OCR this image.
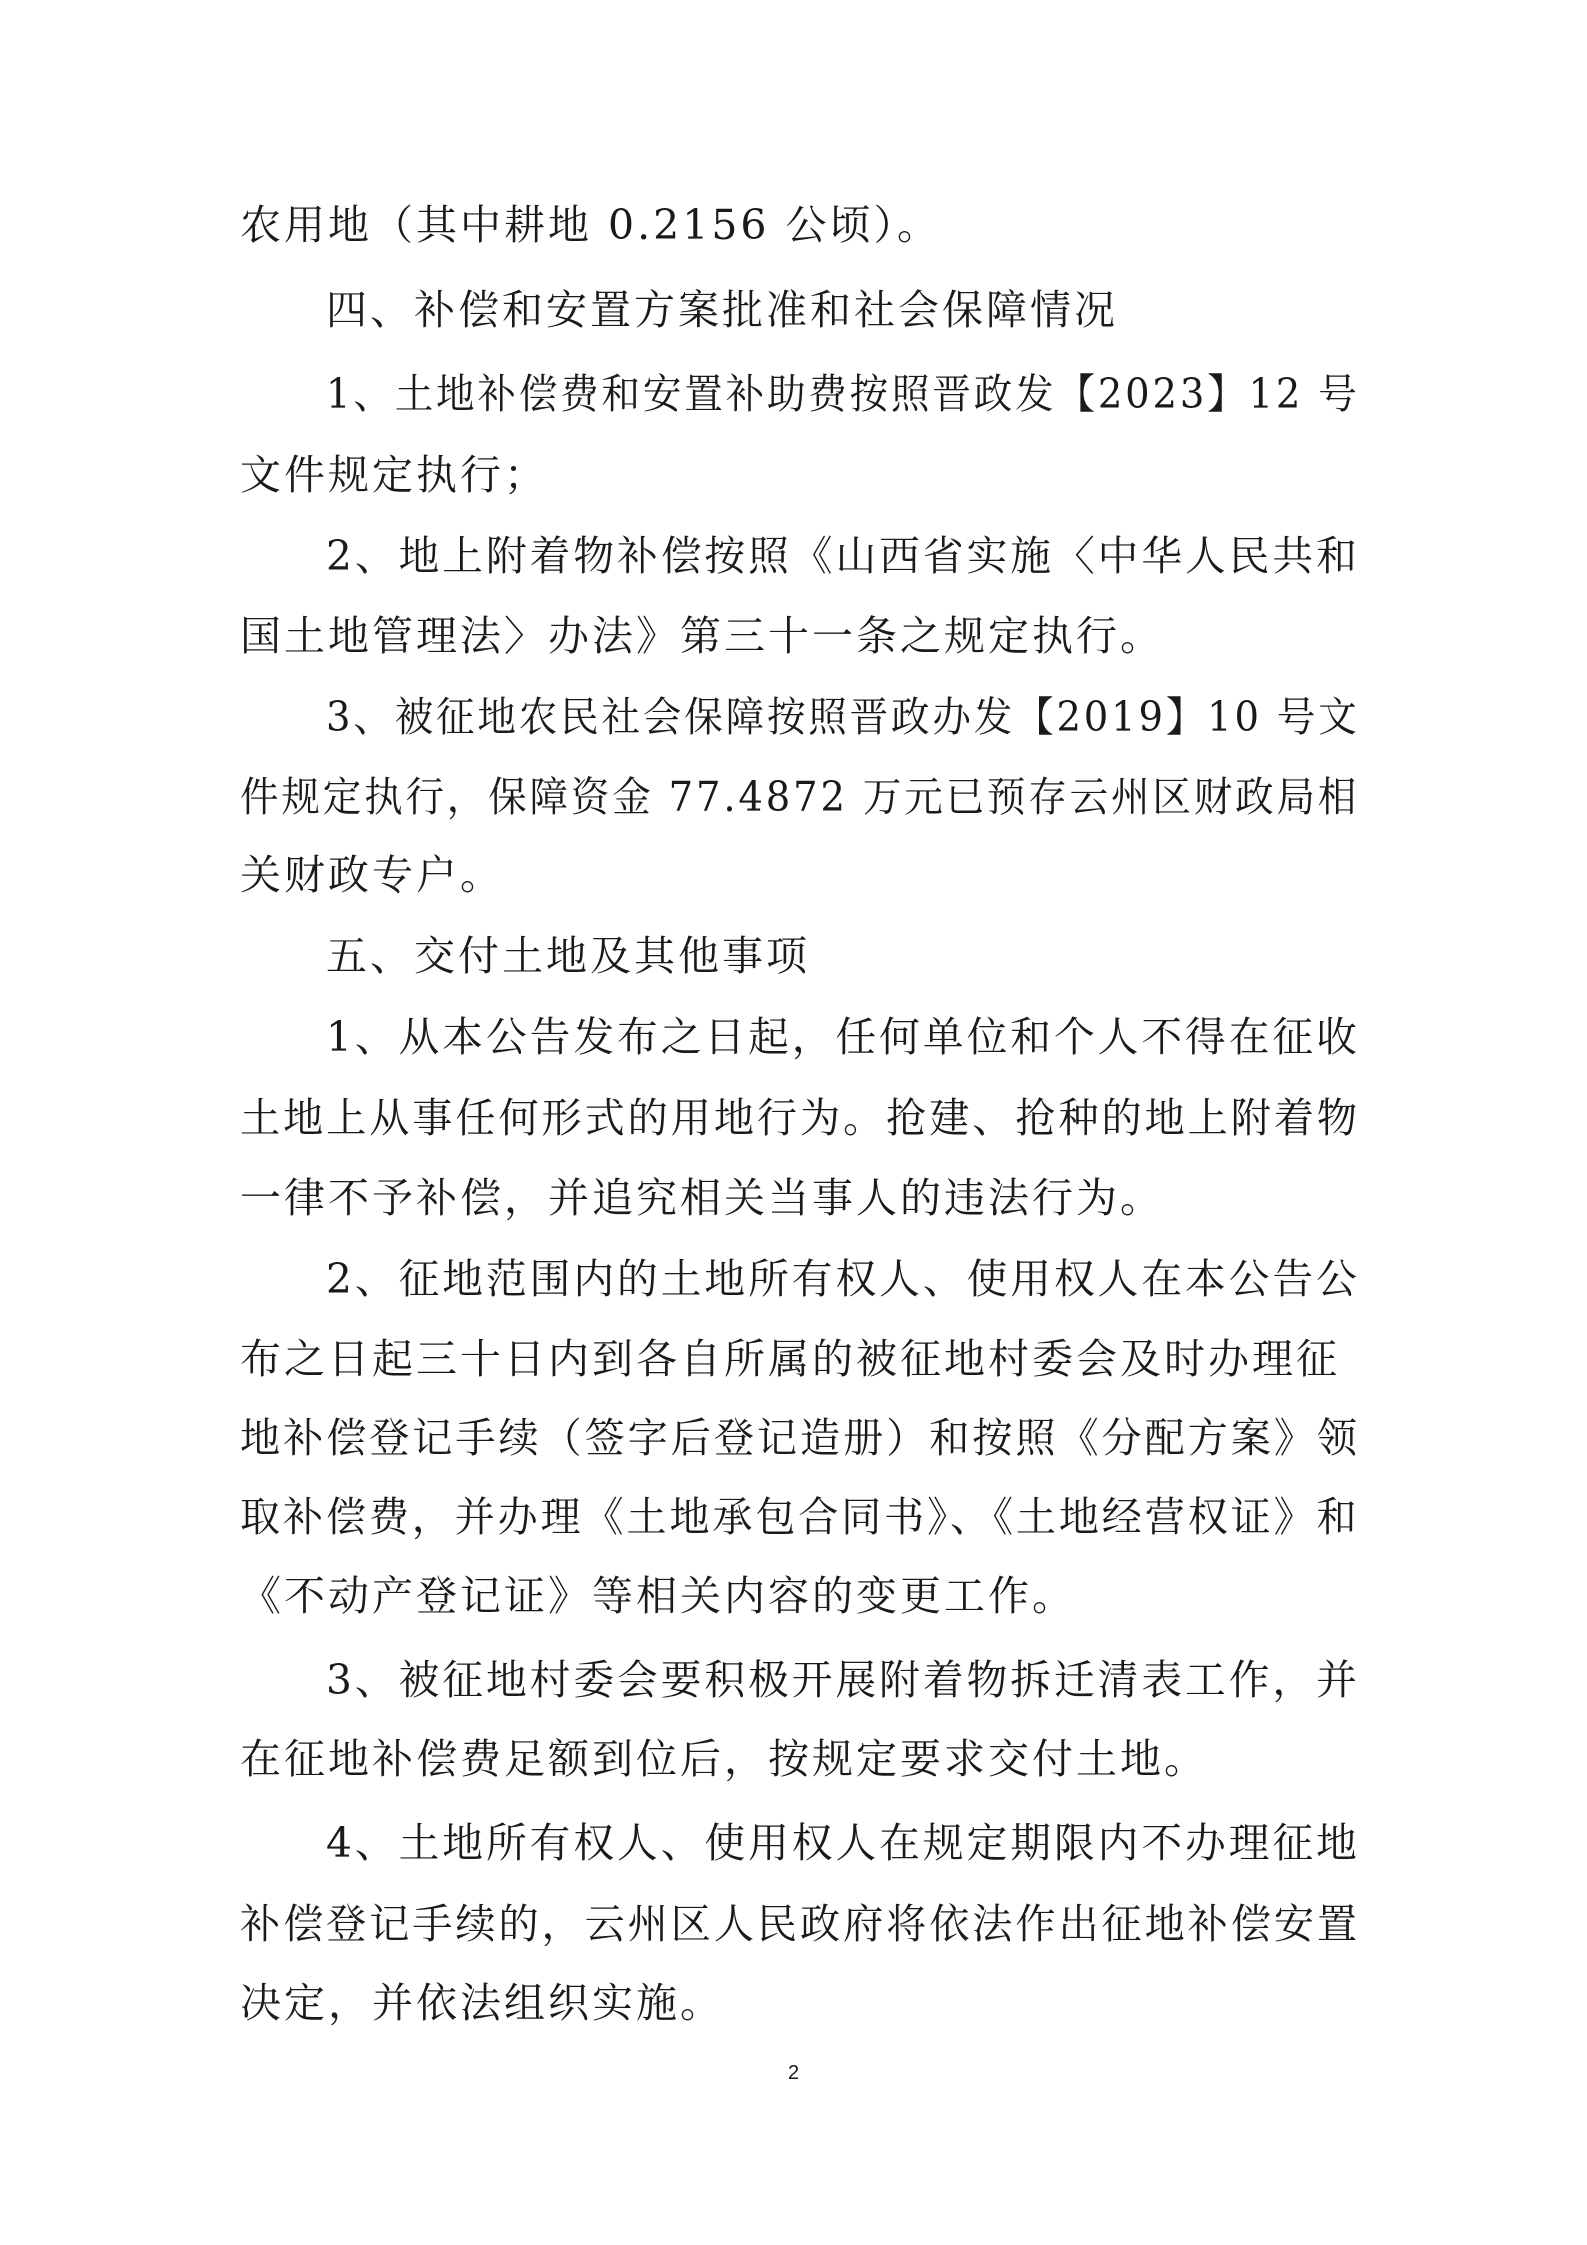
农用地（其中耕地 0.2156 公顷）。
四、补偿和安置方案批准和社会保障情况
1、土地补偿费和安置补助费按照晋政发【2023】12 号
文件规定执行；
2、地上附着物补偿按照《山西省实施〈中华人民共和
国土地管理法〉办法》第三十一条之规定执行。
3、被征地农民社会保障按照晋政办发【2019】10 号文
件规定执行，保障资金 77.4872 万元已预存云州区财政局相
关财政专户。
五、交付土地及其他事项
1、从本公告发布之日起，任何单位和个人不得在征收
土地上从事任何形式的用地行为。抢建、抢种的地上附着物
一律不予补偿，并追究相关当事人的违法行为。
2、征地范围内的土地所有权人、使用权人在本公告公
布之日起三十日内到各自所属的被征地村委会及时办理征
地补偿登记手续（签字后登记造册）和按照《分配方案》领
取补偿费，并办理《土地承包合同书》、《土地经营权证》和
《不动产登记证》等相关内容的变更工作。
3、被征地村委会要积极开展附着物拆迁清表工作，并
在征地补偿费足额到位后，按规定要求交付土地。
4、土地所有权人、使用权人在规定期限内不办理征地
补偿登记手续的，云州区人民政府将依法作出征地补偿安置
决定，并依法组织实施。
2
